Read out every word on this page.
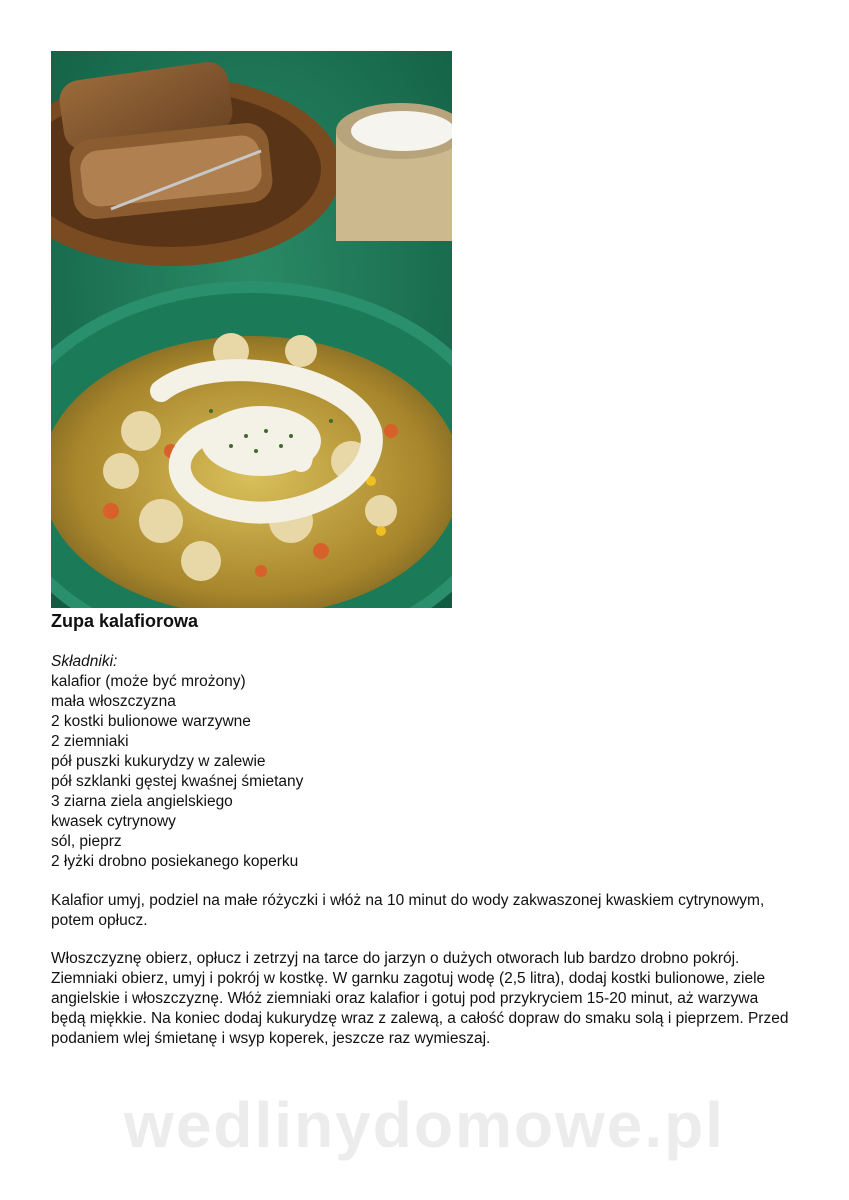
Zupa kalafiorowa
Składniki:
kalafior (może być mrożony)
mała włoszczyzna
2 kostki bulionowe warzywne
2 ziemniaki
pół puszki kukurydzy w zalewie
pół szklanki gęstej kwaśnej śmietany
3 ziarna ziela angielskiego
kwasek cytrynowy
sól, pieprz
2 łyżki drobno posiekanego koperku

Kalafior umyj, podziel na małe różyczki i włóż na 10 minut do wody zakwaszonej kwaskiem cytrynowym, potem opłucz.

Włoszczyznę obierz, opłucz i zetrzyj na tarce do jarzyn o dużych otworach lub bardzo drobno pokrój. Ziemniaki obierz, umyj i pokrój w kostkę. W garnku zagotuj wodę (2,5 litra), dodaj kostki bulionowe, ziele angielskie i włoszczyznę. Włóż ziemniaki oraz kalafior i gotuj pod przykryciem 15-20 minut, aż warzywa będą miękkie. Na koniec dodaj kukurydzę wraz z zalewą, a całość dopraw do smaku solą i pieprzem. Przed podaniem wlej śmietanę i wsyp koperek, jeszcze raz wymieszaj.

wedlinydomowe.pl
